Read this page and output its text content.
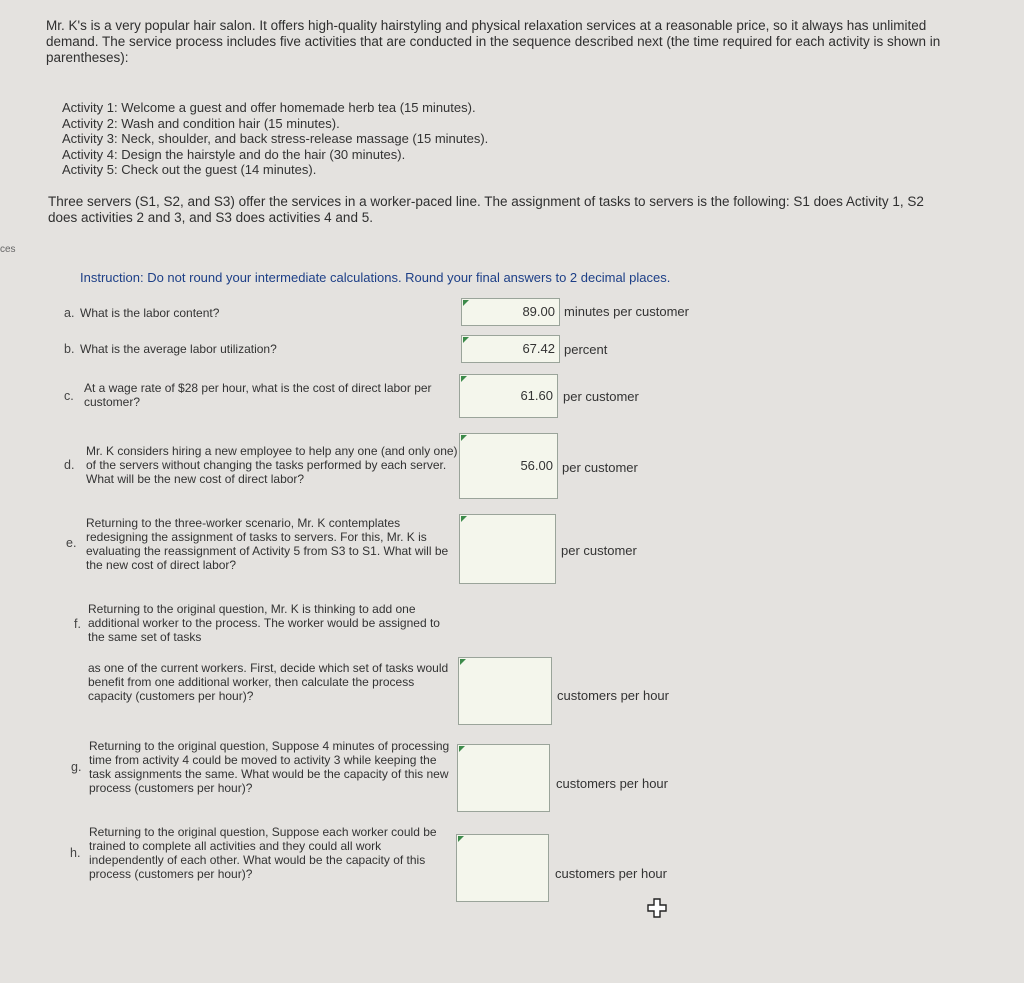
Mr. K's is a very popular hair salon. It offers high-quality hairstyling and physical relaxation services at a reasonable price, so it always has unlimited demand. The service process includes five activities that are conducted in the sequence described next (the time required for each activity is shown in parentheses):
Activity 1: Welcome a guest and offer homemade herb tea (15 minutes).
Activity 2: Wash and condition hair (15 minutes).
Activity 3: Neck, shoulder, and back stress-release massage (15 minutes).
Activity 4: Design the hairstyle and do the hair (30 minutes).
Activity 5: Check out the guest (14 minutes).
Three servers (S1, S2, and S3) offer the services in a worker-paced line. The assignment of tasks to servers is the following: S1 does Activity 1, S2 does activities 2 and 3, and S3 does activities 4 and 5.
ces
Instruction: Do not round your intermediate calculations. Round your final answers to 2 decimal places.
a. What is the labor content?	89.00 minutes per customer
b. What is the average labor utilization?	67.42 percent
c.
At a wage rate of $28 per hour, what is the cost of direct labor per customer?	61.60 per customer
d.
Mr. K considers hiring a new employee to help any one (and only one) of the servers without changing the tasks performed by each server. What will be the new cost of direct labor?
56.00 per customer
e.
Returning to the three-worker scenario, Mr. K contemplates redesigning the assignment of tasks to servers. For this, Mr. K is evaluating the reassignment of Activity 5 from S3 to S1. What will be the new cost of direct labor?
per customer
f.
Returning to the original question, Mr. K is thinking to add one additional worker to the process. The worker would be assigned to the same set of tasks
as one of the current workers. First, decide which set of tasks would benefit from one additional worker, then calculate the process capacity (customers per hour)?	customers per hour
g.
Returning to the original question, Suppose 4 minutes of processing time from activity 4 could be moved to activity 3 while keeping the task assignments the same. What would be the capacity of this new process (customers per hour)?	customers per hour
h.
Returning to the original question, Suppose each worker could be trained to complete all activities and they could all work independently of each other. What would be the capacity of this process (customers per hour)?	customers per hour
